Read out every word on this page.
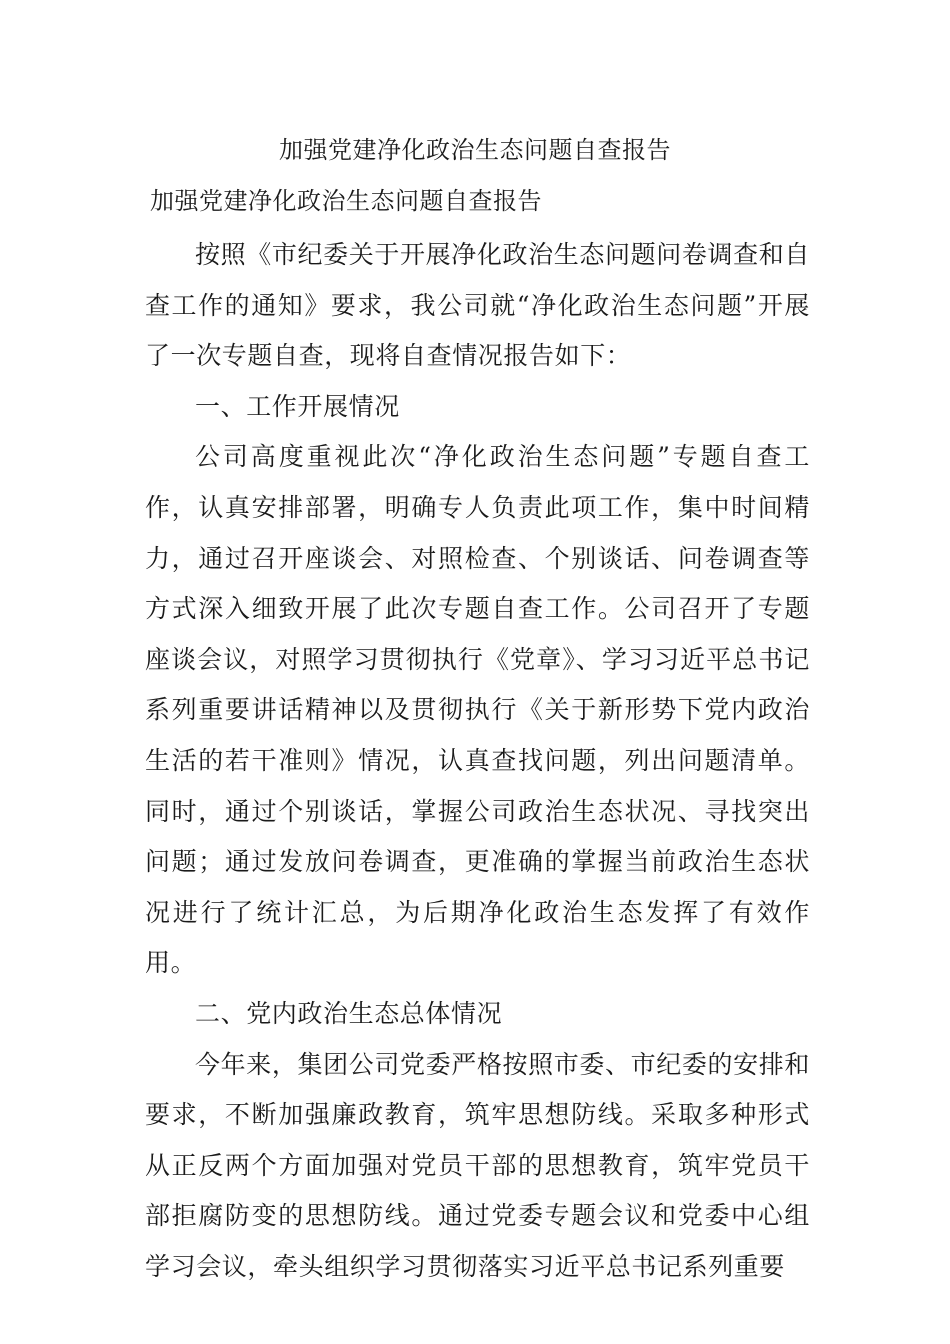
加强党建净化政治生态问题自查报告
加强党建净化政治生态问题自查报告

按照《市纪委关于开展净化政治生态问题问卷调查和自查工作的通知》要求，我公司就“净化政治生态问题”开展了一次专题自查，现将自查情况报告如下：

一、工作开展情况

公司高度重视此次“净化政治生态问题”专题自查工作，认真安排部署，明确专人负责此项工作，集中时间精力，通过召开座谈会、对照检查、个别谈话、问卷调查等方式深入细致开展了此次专题自查工作。公司召开了专题座谈会议，对照学习贯彻执行《党章》、学习习近平总书记系列重要讲话精神以及贯彻执行《关于新形势下党内政治生活的若干准则》情况，认真查找问题，列出问题清单。同时，通过个别谈话，掌握公司政治生态状况、寻找突出问题；通过发放问卷调查，更准确的掌握当前政治生态状况进行了统计汇总，为后期净化政治生态发挥了有效作用。

二、党内政治生态总体情况

今年来，集团公司党委严格按照市委、市纪委的安排和要求，不断加强廉政教育，筑牢思想防线。采取多种形式从正反两个方面加强对党员干部的思想教育，筑牢党员干部拒腐防变的思想防线。通过党委专题会议和党委中心组学习会议，牵头组织学习贯彻落实习近平总书记系列重要
